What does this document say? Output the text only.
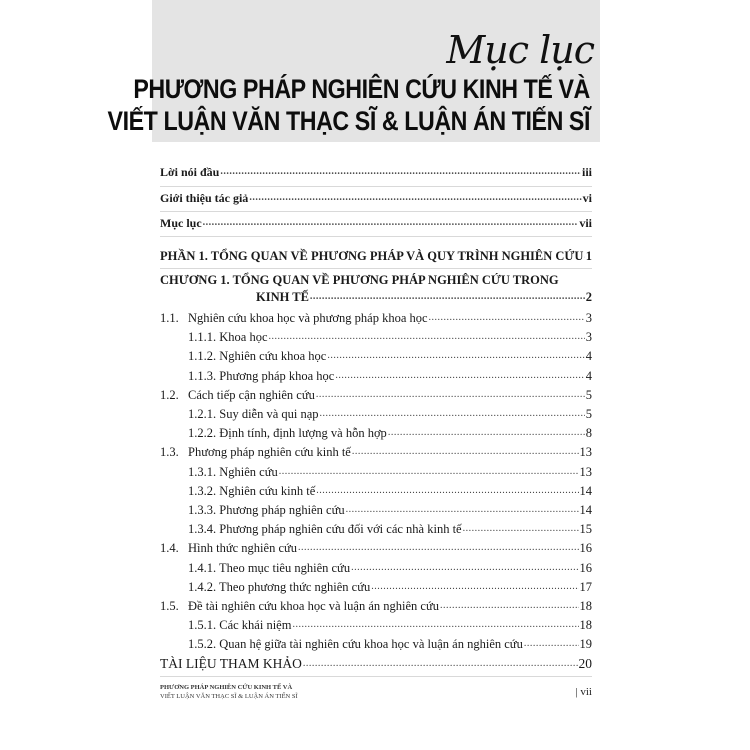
Mục lục
PHƯƠNG PHÁP NGHIÊN CỨU KINH TẾ VÀ
VIẾT LUẬN VĂN THẠC SĨ & LUẬN ÁN TIẾN SĨ
Lời nói đầu .....	iii
Giới thiệu tác giả .....	vi
Mục lục .....	vii
PHẦN 1. TỔNG QUAN VỀ PHƯƠNG PHÁP VÀ QUY TRÌNH NGHIÊN CỨU ..... 1
CHƯƠNG 1. TỔNG QUAN VỀ PHƯƠNG PHÁP NGHIÊN CỨU TRONG
KINH TẾ .....	2
1.1. Nghiên cứu khoa học và phương pháp khoa học .....	3
1.1.1. Khoa học .....	3
1.1.2. Nghiên cứu khoa học .....	4
1.1.3. Phương pháp khoa học .....	4
1.2. Cách tiếp cận nghiên cứu .....	5
1.2.1. Suy diễn và qui nạp .....	5
1.2.2. Định tính, định lượng và hỗn hợp .....	8
1.3. Phương pháp nghiên cứu kinh tế .....	13
1.3.1. Nghiên cứu .....	13
1.3.2. Nghiên cứu kinh tế .....	14
1.3.3. Phương pháp nghiên cứu .....	14
1.3.4. Phương pháp nghiên cứu đối với các nhà kinh tế .....	15
1.4. Hình thức nghiên cứu .....	16
1.4.1. Theo mục tiêu nghiên cứu .....	16
1.4.2. Theo phương thức nghiên cứu .....	17
1.5. Đề tài nghiên cứu khoa học và luận án nghiên cứu .....	18
1.5.1. Các khái niệm .....	18
1.5.2. Quan hệ giữa tài nghiên cứu khoa học và luận án nghiên cứu .....	19
TÀI LIỆU THAM KHẢO .....	20
PHƯƠNG PHÁP NGHIÊN CỨU KINH TẾ VÀ
VIẾT LUẬN VĂN THẠC SĨ & LUẬN ÁN TIẾN SĨ	| vii
